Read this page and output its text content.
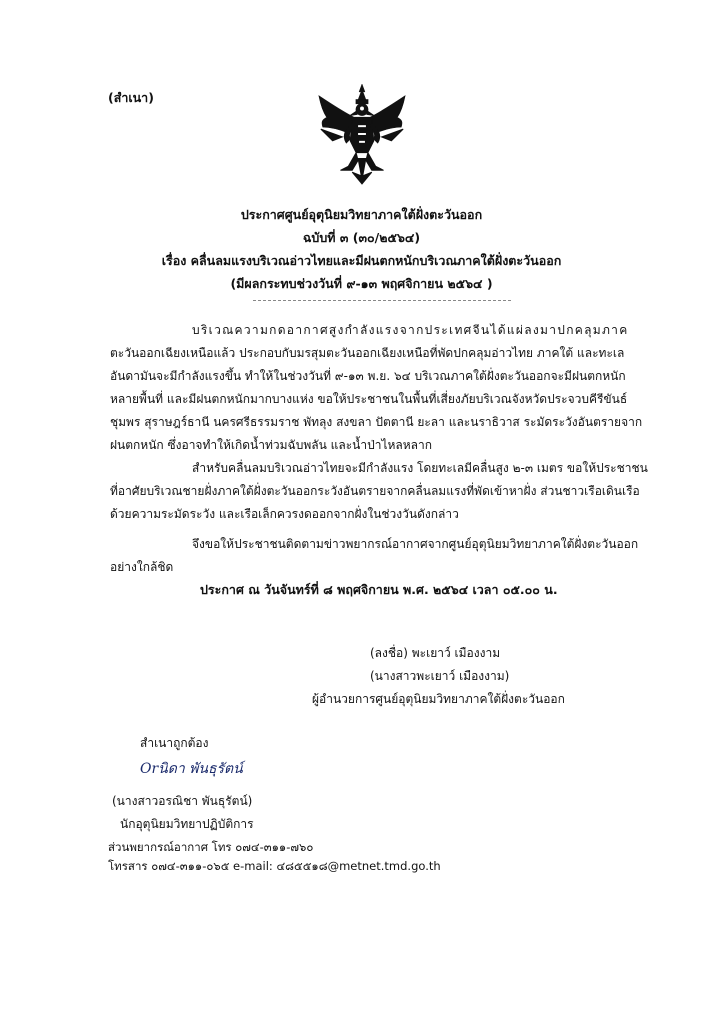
(สำเนา)
ประกาศศูนย์อุตุนิยมวิทยาภาคใต้ฝั่งตะวันออก
ฉบับที่ ๓ (๓๐/๒๕๖๔)
เรื่อง คลื่นลมแรงบริเวณอ่าวไทยและมีฝนตกหนักบริเวณภาคใต้ฝั่งตะวันออก
(มีผลกระทบช่วงวันที่ ๙-๑๓ พฤศจิกายน ๒๕๖๔ )
บริเวณความกดอากาศสูงกำลังแรงจากประเทศจีนได้แผ่ลงมาปกคลุมภาค
ตะวันออกเฉียงเหนือแล้ว ประกอบกับมรสุมตะวันออกเฉียงเหนือที่พัดปกคลุมอ่าวไทย ภาคใต้ และทะเล
อันดามันจะมีกำลังแรงขึ้น ทำให้ในช่วงวันที่ ๙-๑๓ พ.ย. ๖๔ บริเวณภาคใต้ฝั่งตะวันออกจะมีฝนตกหนัก
หลายพื้นที่ และมีฝนตกหนักมากบางแห่ง ขอให้ประชาชนในพื้นที่เสี่ยงภัยบริเวณจังหวัดประจวบคีรีขันธ์
ชุมพร สุราษฎร์ธานี นครศรีธรรมราช พัทลุง สงขลา ปัตตานี ยะลา และนราธิวาส ระมัดระวังอันตรายจาก
ฝนตกหนัก ซึ่งอาจทำให้เกิดน้ำท่วมฉับพลัน และน้ำป่าไหลหลาก
สำหรับคลื่นลมบริเวณอ่าวไทยจะมีกำลังแรง โดยทะเลมีคลื่นสูง ๒-๓ เมตร ขอให้ประชาชน
ที่อาศัยบริเวณชายฝั่งภาคใต้ฝั่งตะวันออกระวังอันตรายจากคลื่นลมแรงที่พัดเข้าหาฝั่ง ส่วนชาวเรือเดินเรือ
ด้วยความระมัดระวัง และเรือเล็กควรงดออกจากฝั่งในช่วงวันดังกล่าว
จึงขอให้ประชาชนติดตามข่าวพยากรณ์อากาศจากศูนย์อุตุนิยมวิทยาภาคใต้ฝั่งตะวันออก
อย่างใกล้ชิด
ประกาศ ณ วันจันทร์ที่ ๘ พฤศจิกายน พ.ศ. ๒๕๖๔ เวลา ๐๕.๐๐ น.
(ลงชื่อ) พะเยาว์ เมืองงาม
(นางสาวพะเยาว์ เมืองงาม)
ผู้อำนวยการศูนย์อุตุนิยมวิทยาภาคใต้ฝั่งตะวันออก
สำเนาถูกต้อง
Orนิดา พันธุรัตน์
(นางสาวอรณิชา พันธุรัตน์)
นักอุตุนิยมวิทยาปฏิบัติการ
ส่วนพยากรณ์อากาศ โทร ๐๗๔-๓๑๑-๗๖๐
โทรสาร ๐๗๔-๓๑๑-๐๖๕ e-mail: ๔๘๕๕๑๘@metnet.tmd.go.th
